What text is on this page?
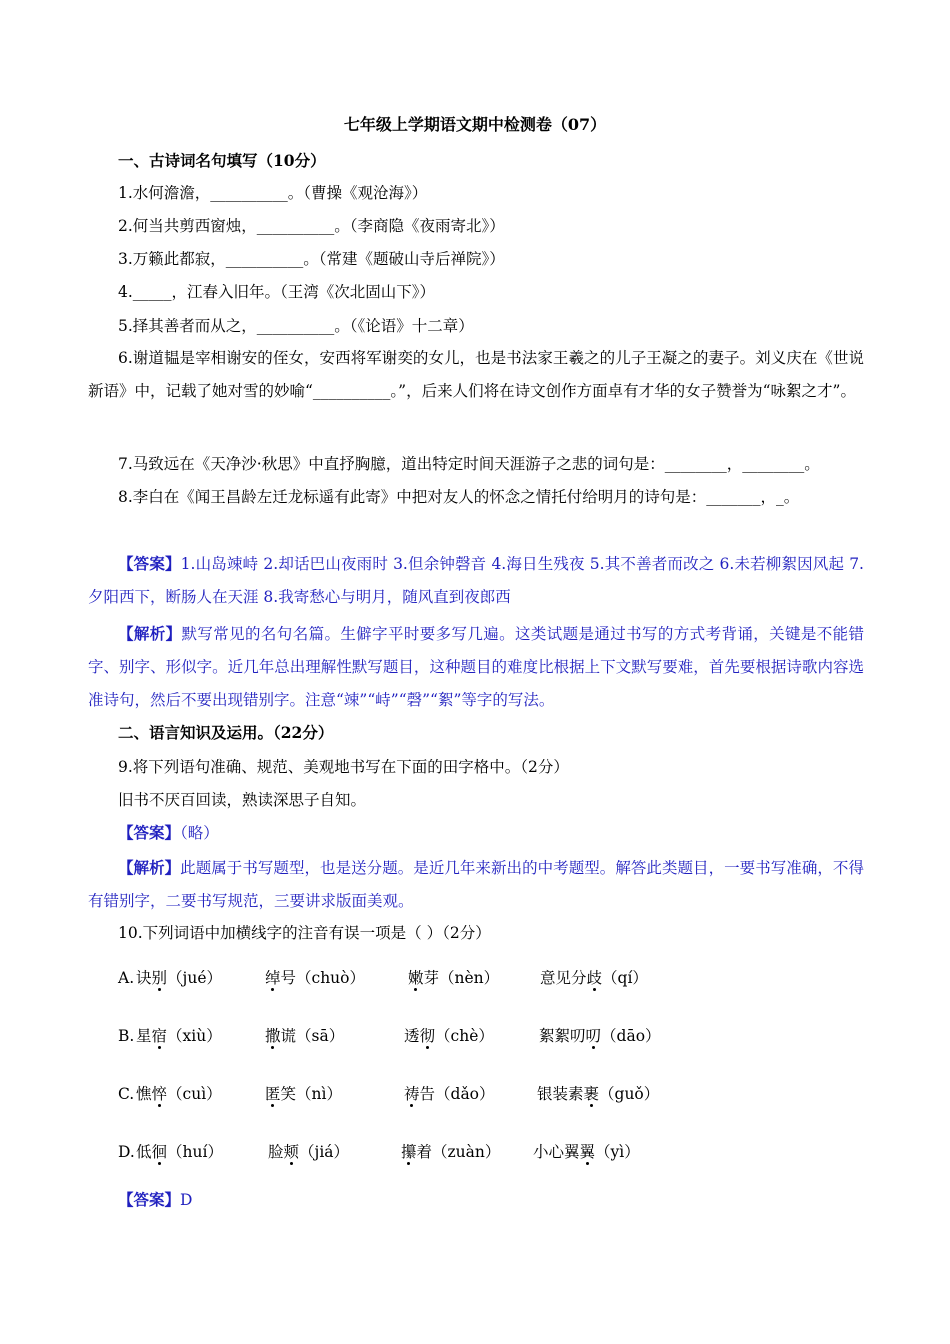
七年级上学期语文期中检测卷（07）
一、古诗词名句填写（10分）
1.水何澹澹，__________。（曹操《观沧海》）
2.何当共剪西窗烛，__________。（李商隐《夜雨寄北》）
3.万籁此都寂，__________。（常建《题破山寺后禅院》）
4._____，江春入旧年。（王湾《次北固山下》）
5.择其善者而从之，__________。（《论语》十二章）
6.谢道韫是宰相谢安的侄女，安西将军谢奕的女儿，也是书法家王羲之的儿子王凝之的妻子。刘义庆在《世说新语》中，记载了她对雪的妙喻“__________。”，后来人们将在诗文创作方面卓有才华的女子赞誉为“咏絮之才”。
7.马致远在《天净沙·秋思》中直抒胸臆，道出特定时间天涯游子之悲的词句是：________，________。
8.李白在《闻王昌龄左迁龙标遥有此寄》中把对友人的怀念之情托付给明月的诗句是：_______，_。
【答案】1.山岛竦峙 2.却话巴山夜雨时 3.但余钟磬音 4.海日生残夜 5.其不善者而改之 6.未若柳絮因风起 7.夕阳西下，断肠人在天涯 8.我寄愁心与明月，随风直到夜郎西
【解析】默写常见的名句名篇。生僻字平时要多写几遍。这类试题是通过书写的方式考背诵，关键是不能错字、别字、形似字。近几年总出理解性默写题目，这种题目的难度比根据上下文默写要难，首先要根据诗歌内容选准诗句，然后不要出现错别字。注意“竦”“峙”“磬”“絮”等字的写法。
二、语言知识及运用。（22分）
9.将下列语句准确、规范、美观地书写在下面的田字格中。（2分）
旧书不厌百回读，熟读深思子自知。
【答案】（略）
【解析】此题属于书写题型，也是送分题。是近几年来新出的中考题型。解答此类题目，一要书写准确，不得有错别字，二要书写规范，三要讲求版面美观。
10.下列词语中加横线字的注音有误一项是（ ）（2分）
A. 诀别（jué）	绰号（chuò）	嫩芽（nèn）	意见分歧（qí）
B. 星宿（xiù）	撒谎（sā）	透彻（chè）	絮絮叨叨（dāo）
C. 憔悴（cuì）	匿笑（nì）	祷告（dǎo）	银装素裹（guǒ）
D. 低徊（huí）	脸颊（jiá）	攥着（zuàn） 小心翼翼（yì）
【答案】D
